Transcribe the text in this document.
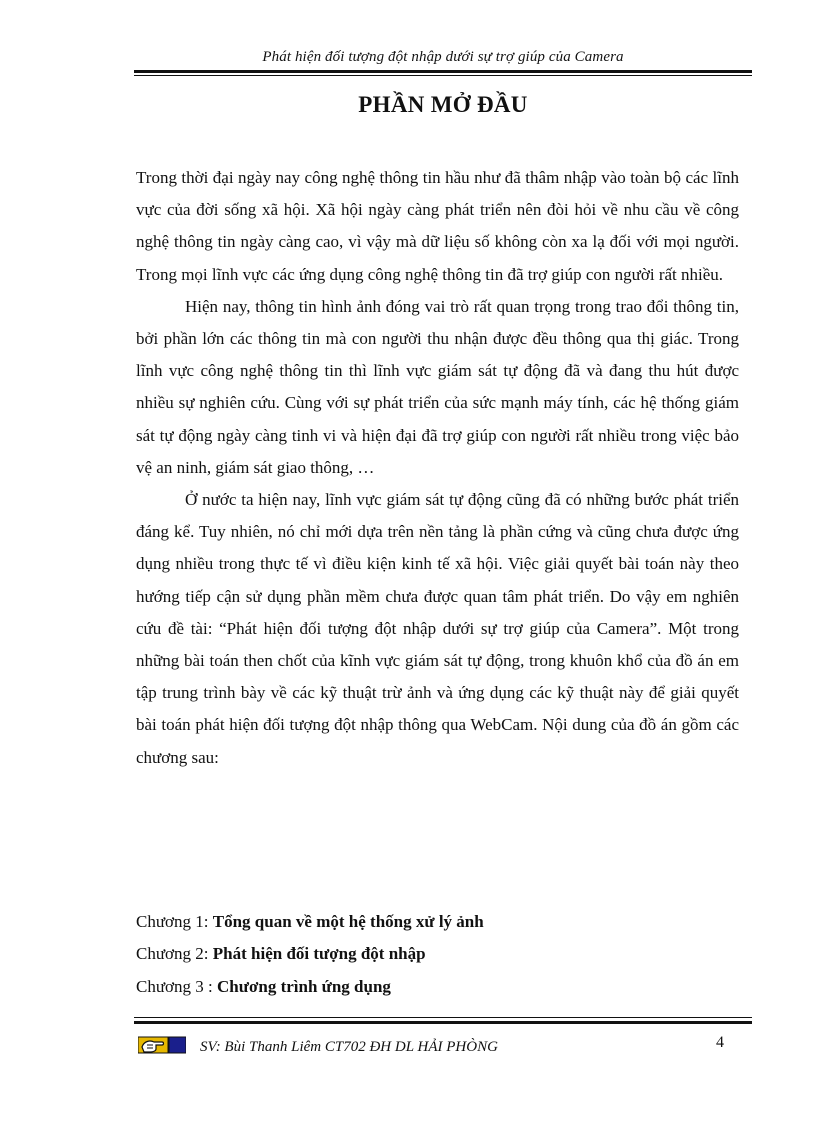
Phát hiện đối tượng đột nhập dưới sự trợ giúp của Camera
PHẦN MỞ ĐẦU

Trong thời đại ngày nay công nghệ thông tin hầu như đã thâm nhập vào toàn bộ các lĩnh vực của đời sống xã hội. Xã hội ngày càng phát triển nên đòi hỏi về nhu cầu về công nghệ thông tin ngày càng cao, vì vậy mà dữ liệu số không còn xa lạ đối với mọi người. Trong mọi lĩnh vực các ứng dụng công nghệ thông tin đã trợ giúp con người rất nhiều.

Hiện nay, thông tin hình ảnh đóng vai trò rất quan trọng trong trao đổi thông tin, bởi phần lớn các thông tin mà con người thu nhận được đều thông qua thị giác. Trong lĩnh vực công nghệ thông tin thì lĩnh vực giám sát tự động đã và đang thu hút được nhiều sự nghiên cứu. Cùng với sự phát triển của sức mạnh máy tính, các hệ thống giám sát tự động ngày càng tinh vi và hiện đại đã trợ giúp con người rất nhiều trong việc bảo vệ an ninh, giám sát giao thông, …

Ở nước ta hiện nay, lĩnh vực giám sát tự động cũng đã có những bước phát triển đáng kể. Tuy nhiên, nó chỉ mới dựa trên nền tảng là phần cứng và cũng chưa được ứng dụng nhiều trong thực tế vì điều kiện kinh tế xã hội. Việc giải quyết bài toán này theo hướng tiếp cận sử dụng phần mềm chưa được quan tâm phát triển. Do vậy em nghiên cứu đề tài: “Phát hiện đối tượng đột nhập dưới sự trợ giúp của Camera”. Một trong những bài toán then chốt của kĩnh vực giám sát tự động, trong khuôn khổ của đồ án em tập trung trình bày về các kỹ thuật trừ ảnh và ứng dụng các kỹ thuật này để giải quyết bài toán phát hiện đối tượng đột nhập thông qua WebCam. Nội dung của đồ án gồm các chương sau:

Chương 1: Tổng quan về một hệ thống xử lý ảnh
Chương 2: Phát hiện đối tượng đột nhập
Chương 3 : Chương trình ứng dụng
SV: Bùi Thanh Liêm CT702 ĐH DL HẢI PHÒNG	4
